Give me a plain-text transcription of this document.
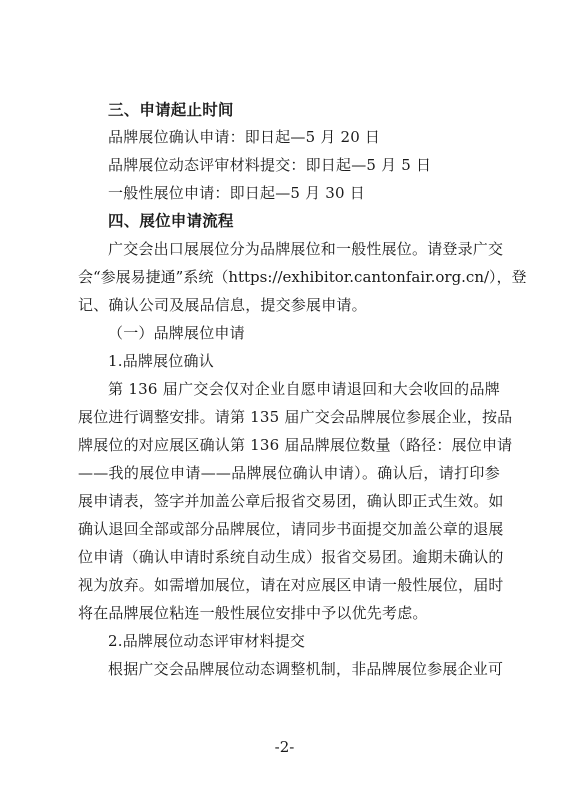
三、申请起止时间
品牌展位确认申请：即日起—5 月 20 日
品牌展位动态评审材料提交：即日起—5 月 5 日
一般性展位申请：即日起—5 月 30 日
四、展位申请流程
广交会出口展展位分为品牌展位和一般性展位。请登录广交
会“参展易捷通”系统（https://exhibitor.cantonfair.org.cn/），登
记、确认公司及展品信息，提交参展申请。
（一）品牌展位申请
1.品牌展位确认
第 136 届广交会仅对企业自愿申请退回和大会收回的品牌
展位进行调整安排。请第 135 届广交会品牌展位参展企业，按品
牌展位的对应展区确认第 136 届品牌展位数量（路径：展位申请
——我的展位申请——品牌展位确认申请）。确认后，请打印参
展申请表，签字并加盖公章后报省交易团，确认即正式生效。如
确认退回全部或部分品牌展位，请同步书面提交加盖公章的退展
位申请（确认申请时系统自动生成）报省交易团。逾期未确认的
视为放弃。如需增加展位，请在对应展区申请一般性展位，届时
将在品牌展位粘连一般性展位安排中予以优先考虑。
2.品牌展位动态评审材料提交
根据广交会品牌展位动态调整机制，非品牌展位参展企业可
-2-
